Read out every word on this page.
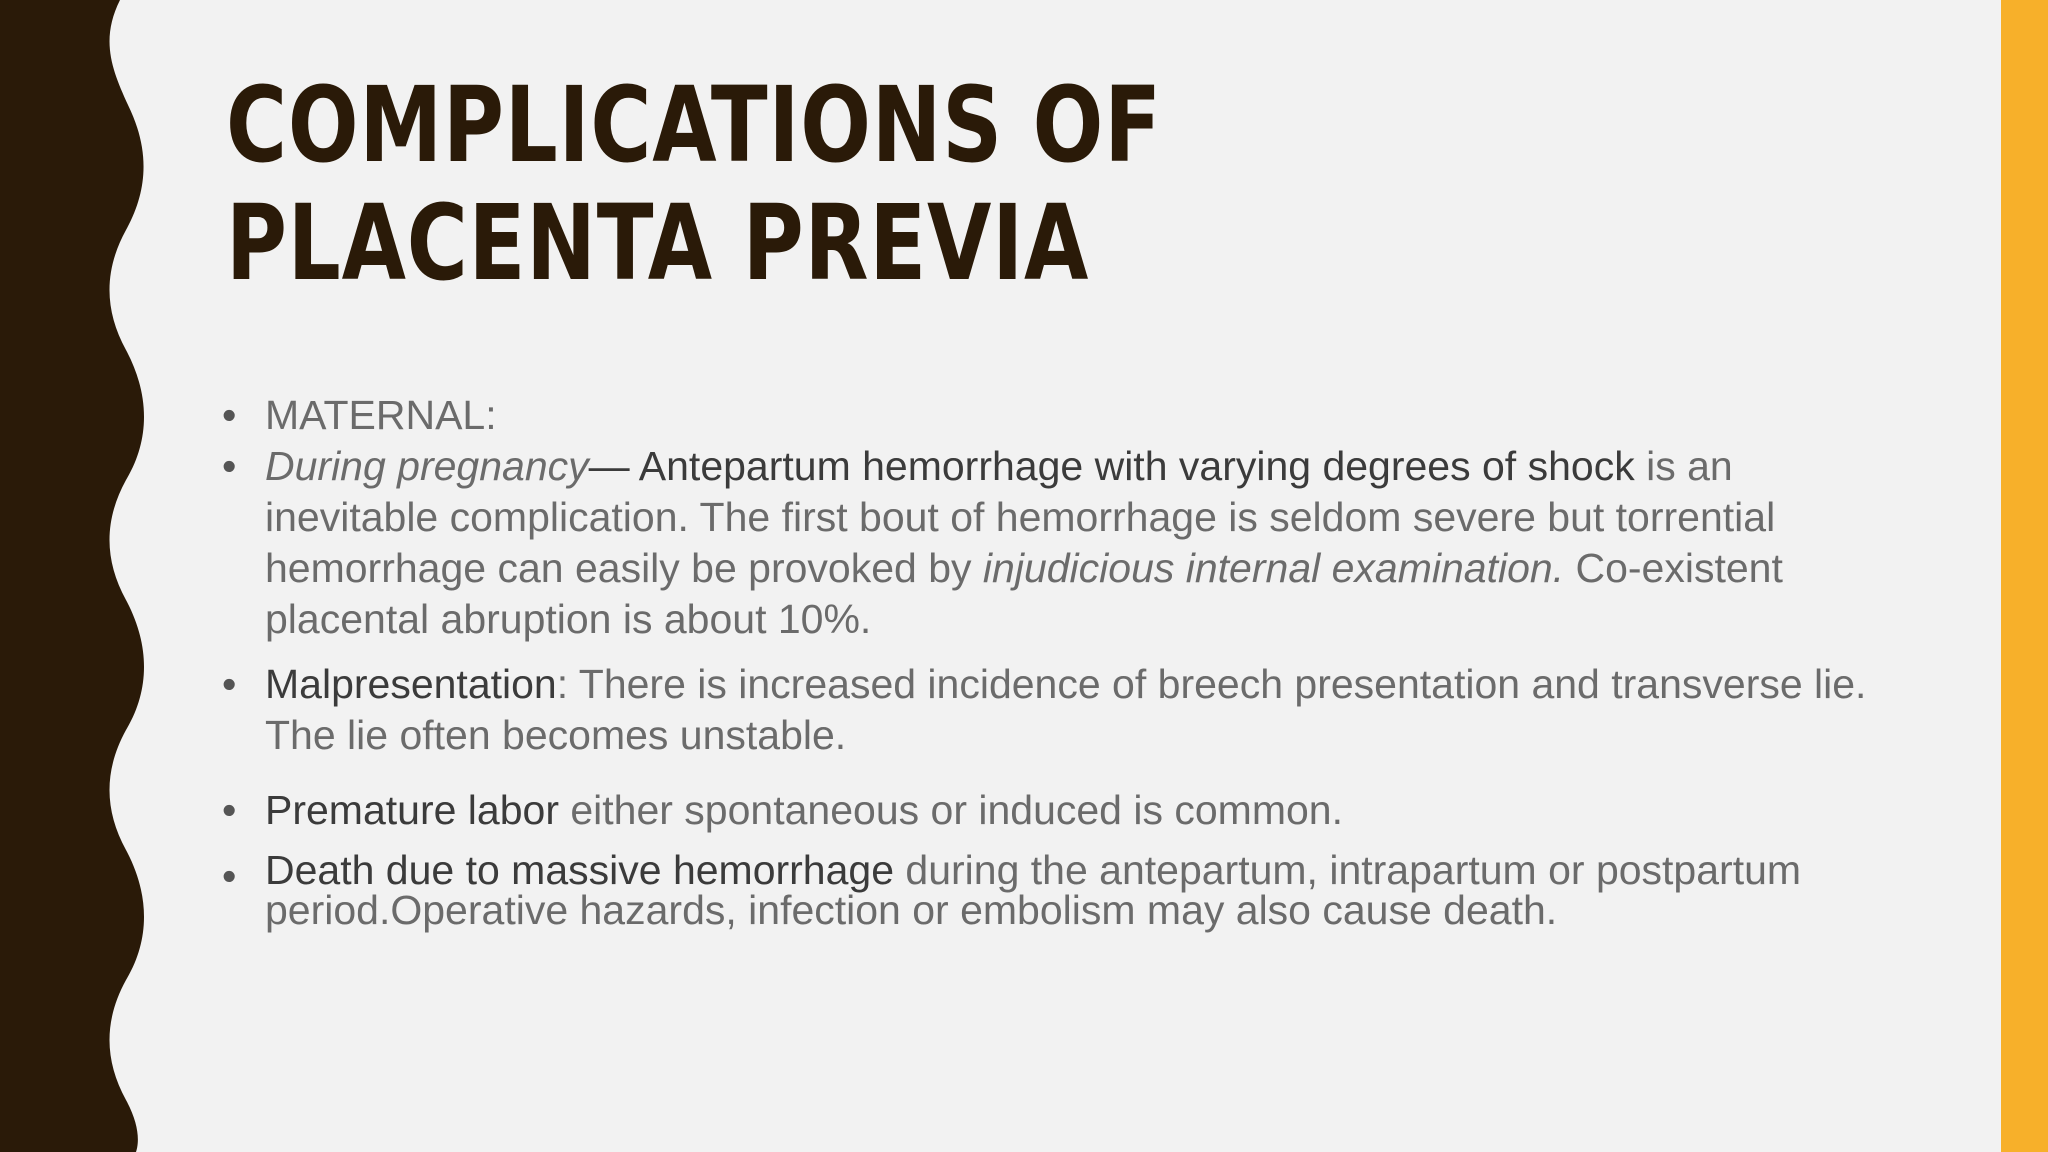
COMPLICATIONS OF PLACENTA PREVIA
• MATERNAL:
• During pregnancy— Antepartum hemorrhage with varying degrees of shock is an inevitable complication. The first bout of hemorrhage is seldom severe but torrential hemorrhage can easily be provoked by injudicious internal examination. Co-existent placental abruption is about 10%.
• Malpresentation: There is increased incidence of breech presentation and transverse lie. The lie often becomes unstable.
• Premature labor either spontaneous or induced is common.
• Death due to massive hemorrhage during the antepartum, intrapartum or postpartum period.Operative hazards, infection or embolism may also cause death.
